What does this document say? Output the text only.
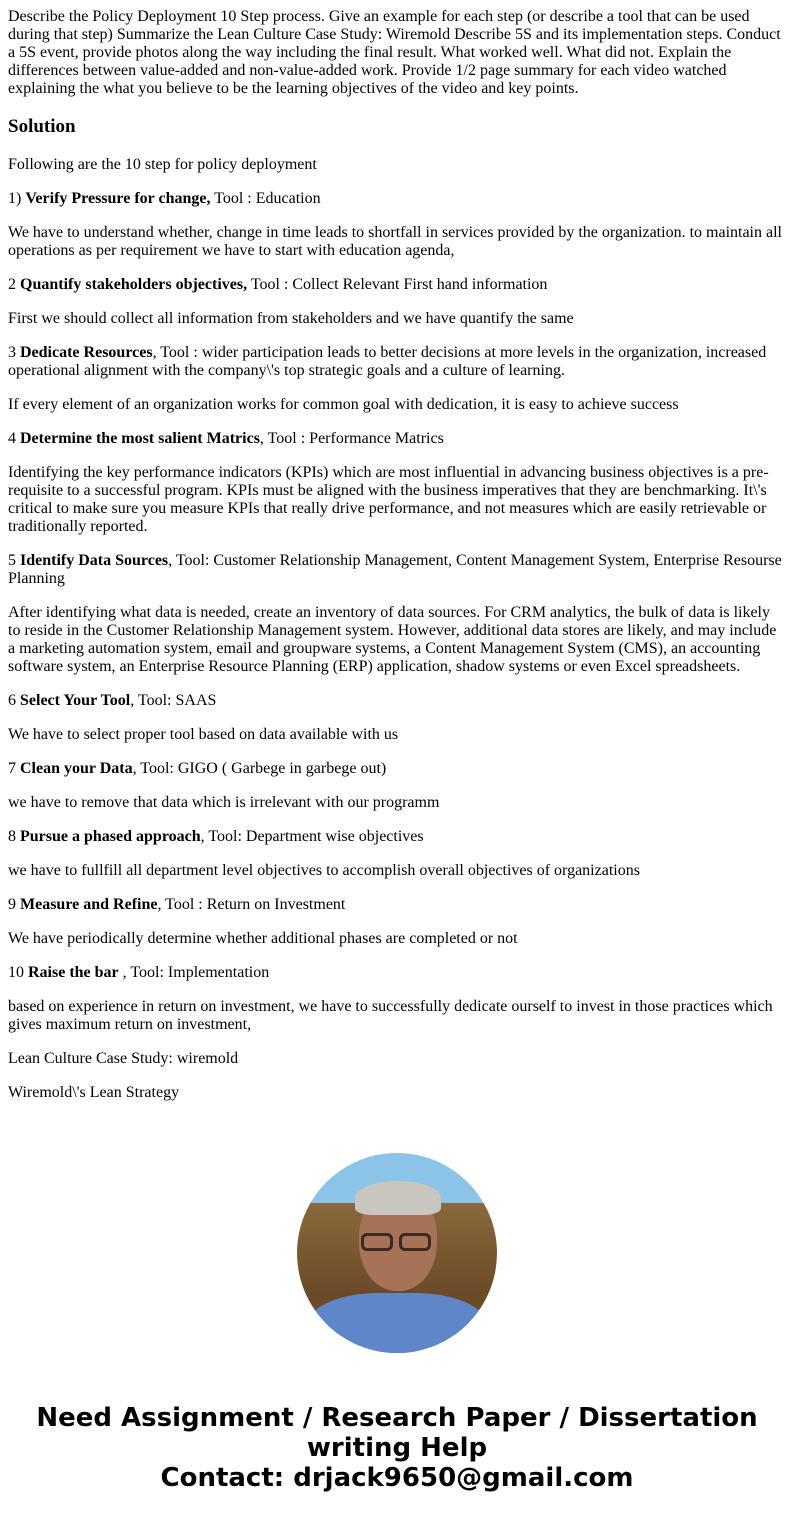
Describe the Policy Deployment 10 Step process. Give an example for each step (or describe a tool that can be used during that step) Summarize the Lean Culture Case Study: Wiremold Describe 5S and its implementation steps. Conduct a 5S event, provide photos along the way including the final result. What worked well. What did not. Explain the differences between value-added and non-value-added work. Provide 1/2 page summary for each video watched explaining the what you believe to be the learning objectives of the video and key points.

Solution

Following are the 10 step for policy deployment

1) Verify Pressure for change, Tool : Education

We have to understand whether, change in time leads to shortfall in services provided by the organization. to maintain all operations as per requirement we have to start with education agenda,

2 Quantify stakeholders objectives, Tool : Collect Relevant First hand information

First we should collect all information from stakeholders and we have quantify the same

3 Dedicate Resources, Tool : wider participation leads to better decisions at more levels in the organization, increased operational alignment with the company\'s top strategic goals and a culture of learning.

If every element of an organization works for common goal with dedication, it is easy to achieve success

4 Determine the most salient Matrics, Tool : Performance Matrics

Identifying the key performance indicators (KPIs) which are most influential in advancing business objectives is a pre-requisite to a successful program. KPIs must be aligned with the business imperatives that they are benchmarking. It\'s critical to make sure you measure KPIs that really drive performance, and not measures which are easily retrievable or traditionally reported.

5 Identify Data Sources, Tool: Customer Relationship Management, Content Management System, Enterprise Resourse Planning

After identifying what data is needed, create an inventory of data sources. For CRM analytics, the bulk of data is likely to reside in the Customer Relationship Management system. However, additional data stores are likely, and may include a marketing automation system, email and groupware systems, a Content Management System (CMS), an accounting software system, an Enterprise Resource Planning (ERP) application, shadow systems or even Excel spreadsheets.

6 Select Your Tool, Tool: SAAS

We have to select proper tool based on data available with us

7 Clean your Data, Tool: GIGO ( Garbege in garbege out)

we have to remove that data which is irrelevant with our programm

8 Pursue a phased approach, Tool: Department wise objectives

we have to fullfill all department level objectives to accomplish overall objectives of organizations

9 Measure and Refine, Tool : Return on Investment

We have periodically determine whether additional phases are completed or not

10 Raise the bar , Tool: Implementation

based on experience in return on investment, we have to successfully dedicate ourself to invest in those practices which gives maximum return on investment,

Lean Culture Case Study: wiremold

Wiremold\'s Lean Strategy

Need Assignment / Research Paper / Dissertation writing Help
Contact: drjack9650@gmail.com
